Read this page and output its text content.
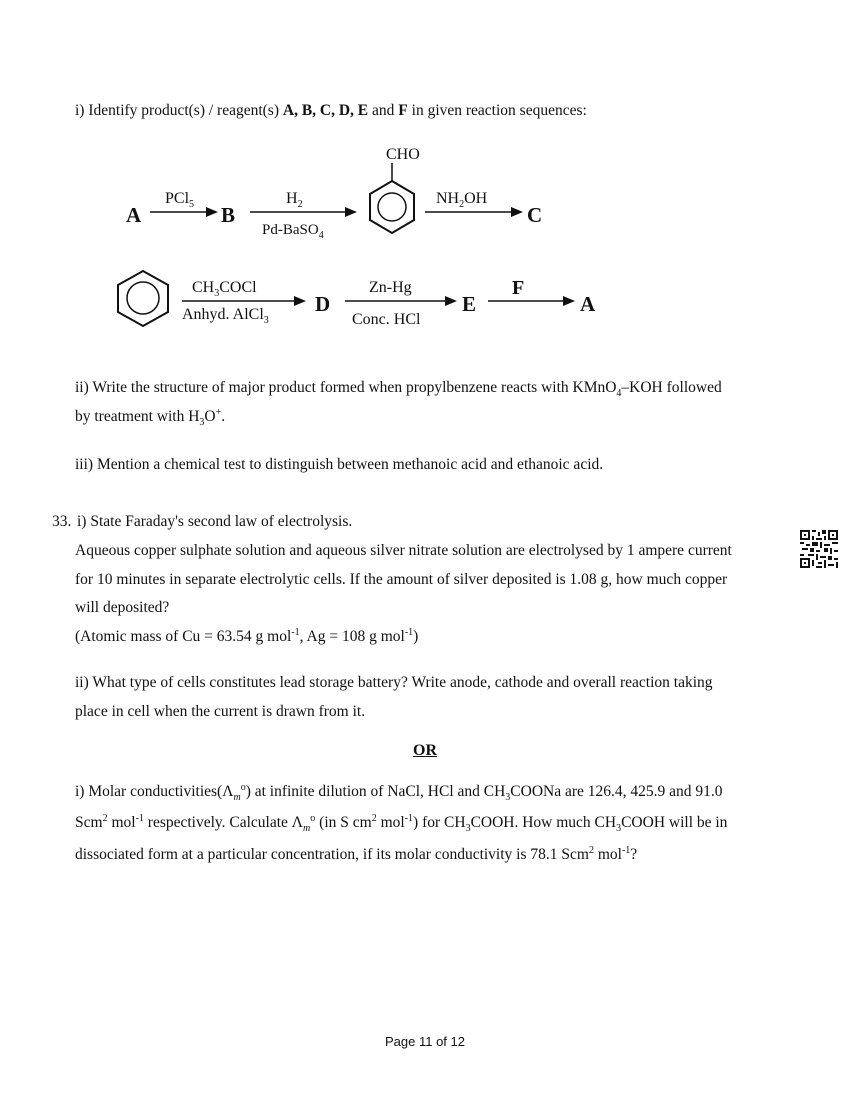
i) Identify product(s) / reagent(s) A, B, C, D, E and F in given reaction sequences:
A
PCl$_5$ B
$H_2$
Pd-BaSO$_4$
CHO
$NH_2OH$
C
$CH_3COCl$
Anhyd. AlCl$_3$
D
Zn-Hg
Conc. HCl
E
F
A
ii) Write the structure of major product formed when propylbenzene reacts with KMnO$_4$–KOH followed
by treatment with $H_3O^+$.
iii) Mention a chemical test to distinguish between methanoic acid and ethanoic acid.
33. i) State Faraday's second law of electrolysis.
Aqueous copper sulphate solution and aqueous silver nitrate solution are electrolysed by 1 ampere current
for 10 minutes in separate electrolytic cells. If the amount of silver deposited is 1.08 g, how much copper
will deposited?
(Atomic mass of Cu = 63.54 g mol$^{-1}$, Ag = 108 g mol$^{-1}$)
ii) What type of cells constitutes lead storage battery? Write anode, cathode and overall reaction taking
place in cell when the current is drawn from it.
OR
i) Molar $conductivities(\Lambda_m^o)$ at infinite dilution of NaCl, HCl and $CH_3COONa$ are 126.4, 425.9 and 91.0
Scm$^2$ mol$^{-1}$ respectively. Calculate $\Lambda_m^o$ (in S $cm^2$ mol$^{-1}$) for $CH_3COOH$. How much $CH_3COOH$ will be in
dissociated form at a particular concentration, if its molar conductivity is 78.1 Scm$^2$ mol$^{-1}$?
Page 11 of 12
